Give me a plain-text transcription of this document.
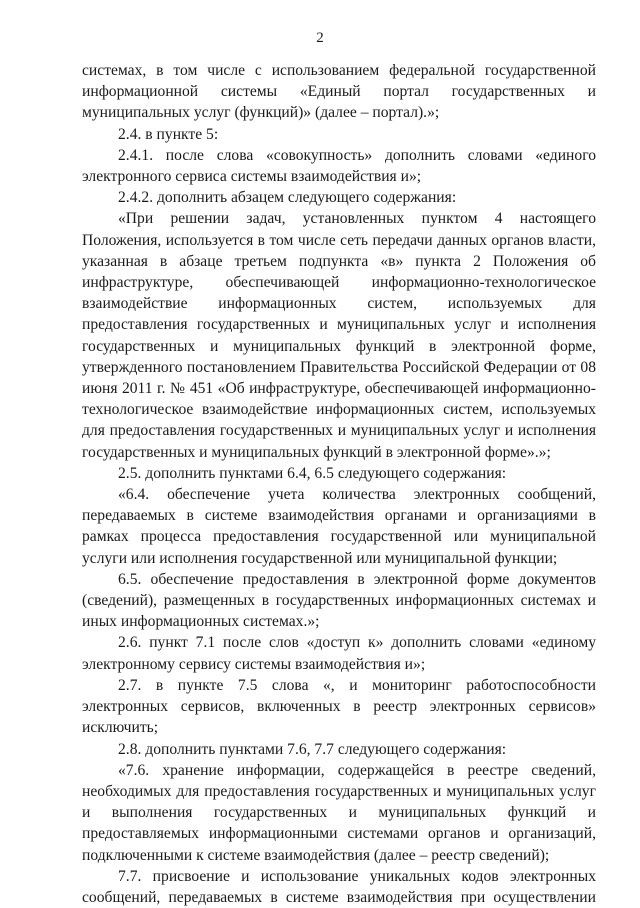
2

системах, в том числе с использованием федеральной государственной информационной системы «Единый портал государственных и муниципальных услуг (функций)» (далее – портал).»;

2.4. в пункте 5:

2.4.1. после слова «совокупность» дополнить словами «единого электронного сервиса системы взаимодействия и»;

2.4.2. дополнить абзацем следующего содержания:

«При решении задач, установленных пунктом 4 настоящего Положения, используется в том числе сеть передачи данных органов власти, указанная в абзаце третьем подпункта «в» пункта 2 Положения об инфраструктуре, обеспечивающей информационно-технологическое взаимодействие информационных систем, используемых для предоставления государственных и муниципальных услуг и исполнения государственных и муниципальных функций в электронной форме, утвержденного постановлением Правительства Российской Федерации от 08 июня 2011 г. № 451 «Об инфраструктуре, обеспечивающей информационно-технологическое взаимодействие информационных систем, используемых для предоставления государственных и муниципальных услуг и исполнения государственных и муниципальных функций в электронной форме».»;

2.5. дополнить пунктами 6.4, 6.5 следующего содержания:

«6.4. обеспечение учета количества электронных сообщений, передаваемых в системе взаимодействия органами и организациями в рамках процесса предоставления государственной или муниципальной услуги или исполнения государственной или муниципальной функции;

6.5. обеспечение предоставления в электронной форме документов (сведений), размещенных в государственных информационных системах и иных информационных системах.»;

2.6. пункт 7.1 после слов «доступ к» дополнить словами «единому электронному сервису системы взаимодействия и»;

2.7. в пункте 7.5 слова «, и мониторинг работоспособности электронных сервисов, включенных в реестр электронных сервисов» исключить;

2.8. дополнить пунктами 7.6, 7.7 следующего содержания:

«7.6. хранение информации, содержащейся в реестре сведений, необходимых для предоставления государственных и муниципальных услуг и выполнения государственных и муниципальных функций и предоставляемых информационными системами органов и организаций, подключенными к системе взаимодействия (далее – реестр сведений);

7.7. присвоение и использование уникальных кодов электронных сообщений, передаваемых в системе взаимодействия при осуществлении
